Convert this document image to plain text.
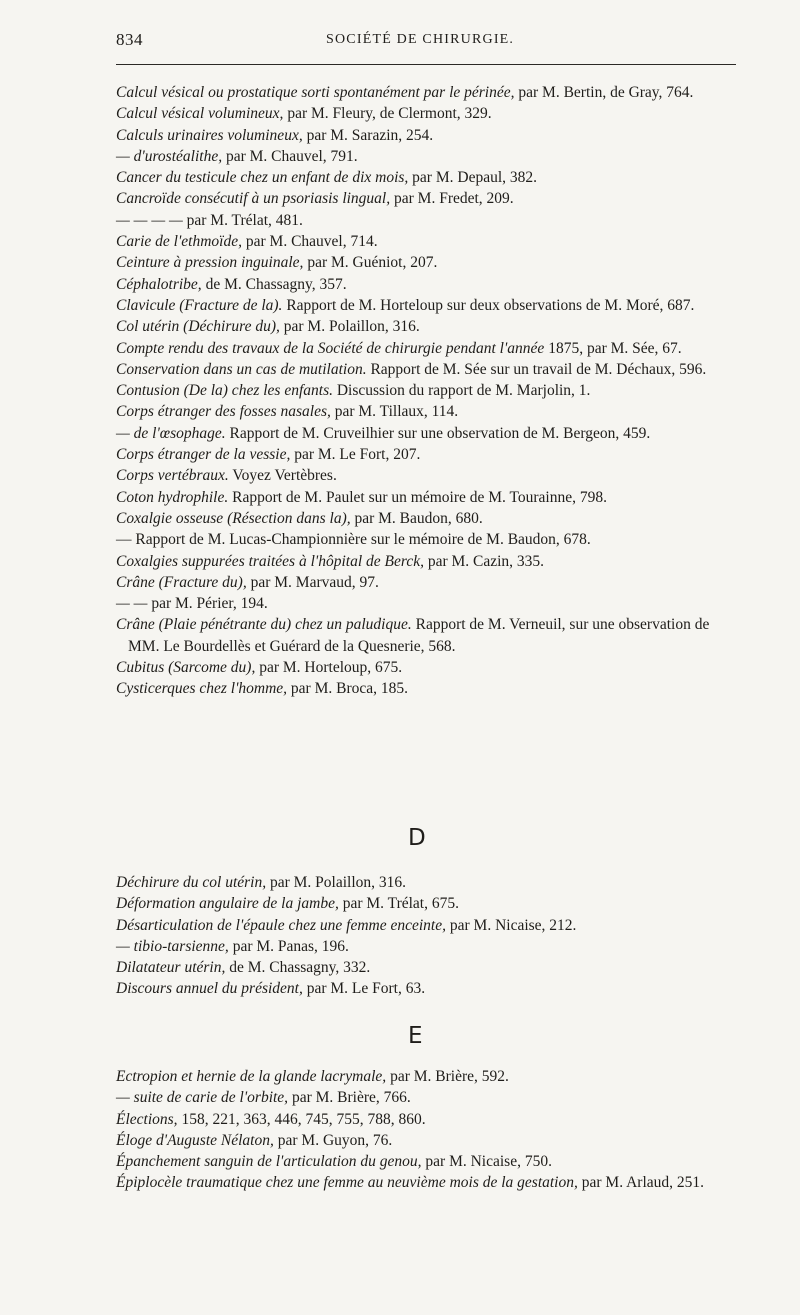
834	SOCIÉTÉ DE CHIRURGIE.
Calcul vésical ou prostatique sorti spontanément par le périnée, par M. Bertin, de Gray, 764.
Calcul vésical volumineux, par M. Fleury, de Clermont, 329.
Calculs urinaires volumineux, par M. Sarazin, 254.
— d'urostéalithe, par M. Chauvel, 791.
Cancer du testicule chez un enfant de dix mois, par M. Depaul, 382.
Cancroïde consécutif à un psoriasis lingual, par M. Fredet, 209.
— — — — par M. Trélat, 481.
Carie de l'ethmoïde, par M. Chauvel, 714.
Ceinture à pression inguinale, par M. Guéniot, 207.
Céphalotribe, de M. Chassagny, 357.
Clavicule (Fracture de la). Rapport de M. Horteloup sur deux observations de M. Moré, 687.
Col utérin (Déchirure du), par M. Polaillon, 316.
Compte rendu des travaux de la Société de chirurgie pendant l'année 1875, par M. Sée, 67.
Conservation dans un cas de mutilation. Rapport de M. Sée sur un travail de M. Déchaux, 596.
Contusion (De la) chez les enfants. Discussion du rapport de M. Marjolin, 1.
Corps étranger des fosses nasales, par M. Tillaux, 114.
— de l'œsophage. Rapport de M. Cruveilhier sur une observation de M. Bergeon, 459.
Corps étranger de la vessie, par M. Le Fort, 207.
Corps vertébraux. Voyez Vertèbres.
Coton hydrophile. Rapport de M. Paulet sur un mémoire de M. Tourainne, 798.
Coxalgie osseuse (Résection dans la), par M. Baudon, 680.
— Rapport de M. Lucas-Championnière sur le mémoire de M. Baudon, 678.
Coxalgies suppurées traitées à l'hôpital de Berck, par M. Cazin, 335.
Crâne (Fracture du), par M. Marvaud, 97.
— — par M. Périer, 194.
Crâne (Plaie pénétrante du) chez un paludique. Rapport de M. Verneuil, sur une observation de MM. Le Bourdellès et Guérard de la Quesnerie, 568.
Cubitus (Sarcome du), par M. Horteloup, 675.
Cysticerques chez l'homme, par M. Broca, 185.
D
Déchirure du col utérin, par M. Polaillon, 316.
Déformation angulaire de la jambe, par M. Trélat, 675.
Désarticulation de l'épaule chez une femme enceinte, par M. Nicaise, 212.
— tibio-tarsienne, par M. Panas, 196.
Dilatateur utérin, de M. Chassagny, 332.
Discours annuel du président, par M. Le Fort, 63.
E
Ectropion et hernie de la glande lacrymale, par M. Brière, 592.
— suite de carie de l'orbite, par M. Brière, 766.
Élections, 158, 221, 363, 446, 745, 755, 788, 860.
Éloge d'Auguste Nélaton, par M. Guyon, 76.
Épanchement sanguin de l'articulation du genou, par M. Nicaise, 750.
Épiplocèle traumatique chez une femme au neuvième mois de la gestation, par M. Arlaud, 251.
